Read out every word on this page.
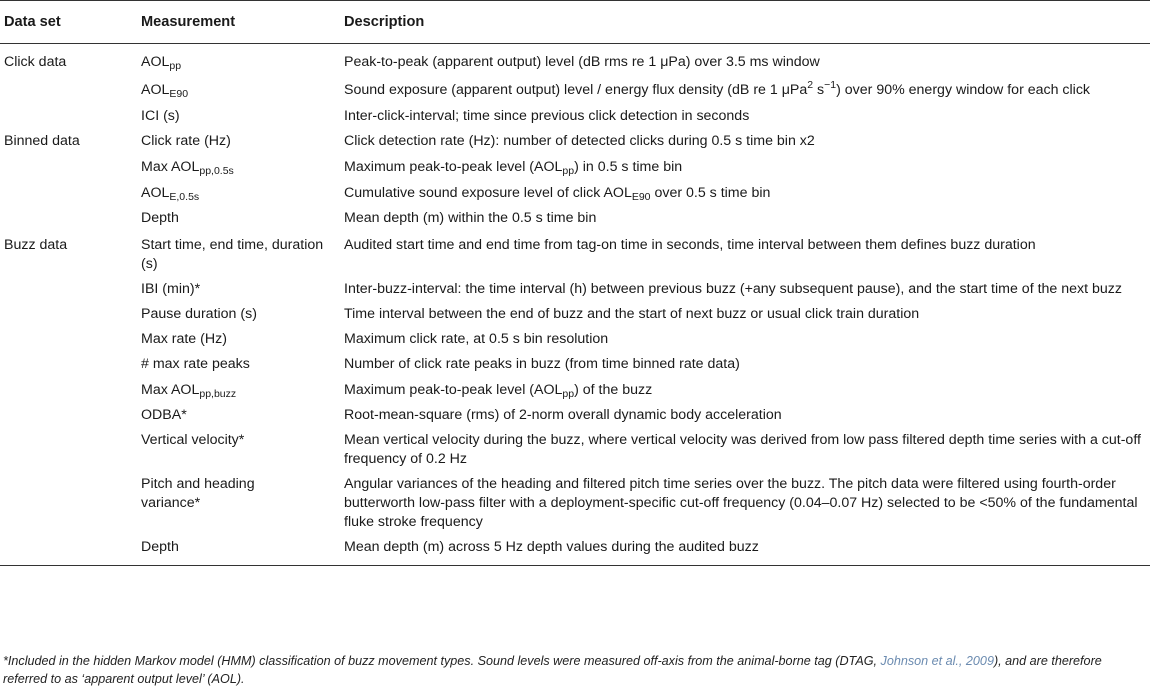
Data set	Measurement	Description
Click data	$AOL_{pp}$	Peak-to-peak (apparent output) level (dB rms re 1 μPa) over 3.5 ms window
	$AOL_{E90}$	Sound exposure (apparent output) level / energy flux density (dB re 1 μPa$^2$ $s^{-1}$) over 90% energy window for each click
	ICI (s)	Inter-click-interval; time since previous click detection in seconds
Binned data	Click rate (Hz)	Click detection rate (Hz): number of detected clicks during 0.5 s time bin x2
	Max $AOL_{pp,0.5s}$	Maximum peak-to-peak level $(AOL_{pp})$ in 0.5 s time bin
	$AOL_{E,0.5s}$	Cumulative sound exposure level of click $AOL_{E90}$ over 0.5 s time bin
	Depth	Mean depth (m) within the 0.5 s time bin
Buzz data	Start time, end time, duration (s)	Audited start time and end time from tag-on time in seconds, time interval between them defines buzz duration
	IBI (min)*	Inter-buzz-interval: the time interval (h) between previous buzz (+any subsequent pause), and the start time of the next buzz
	Pause duration (s)	Time interval between the end of buzz and the start of next buzz or usual click train duration
	Max rate (Hz)	Maximum click rate, at 0.5 s bin resolution
	# max rate peaks	Number of click rate peaks in buzz (from time binned rate data)
	Max $AOL_{pp,buzz}$	Maximum peak-to-peak level $(AOL_{pp})$ of the buzz
	ODBA*	Root-mean-square (rms) of 2-norm overall dynamic body acceleration
	Vertical velocity*	Mean vertical velocity during the buzz, where vertical velocity was derived from low pass filtered depth time series with a cut-off frequency of 0.2 Hz
	Pitch and heading variance*	Angular variances of the heading and filtered pitch time series over the buzz. The pitch data were filtered using fourth-order butterworth low-pass filter with a deployment-specific cut-off frequency (0.04–0.07 Hz) selected to be <50% of the fundamental fluke stroke frequency
	Depth	Mean depth (m) across 5 Hz depth values during the audited buzz
*Included in the hidden Markov model (HMM) classification of buzz movement types. Sound levels were measured off-axis from the animal-borne tag (DTAG, Johnson et al., 2009), and are therefore referred to as ‘apparent output level’ (AOL).
